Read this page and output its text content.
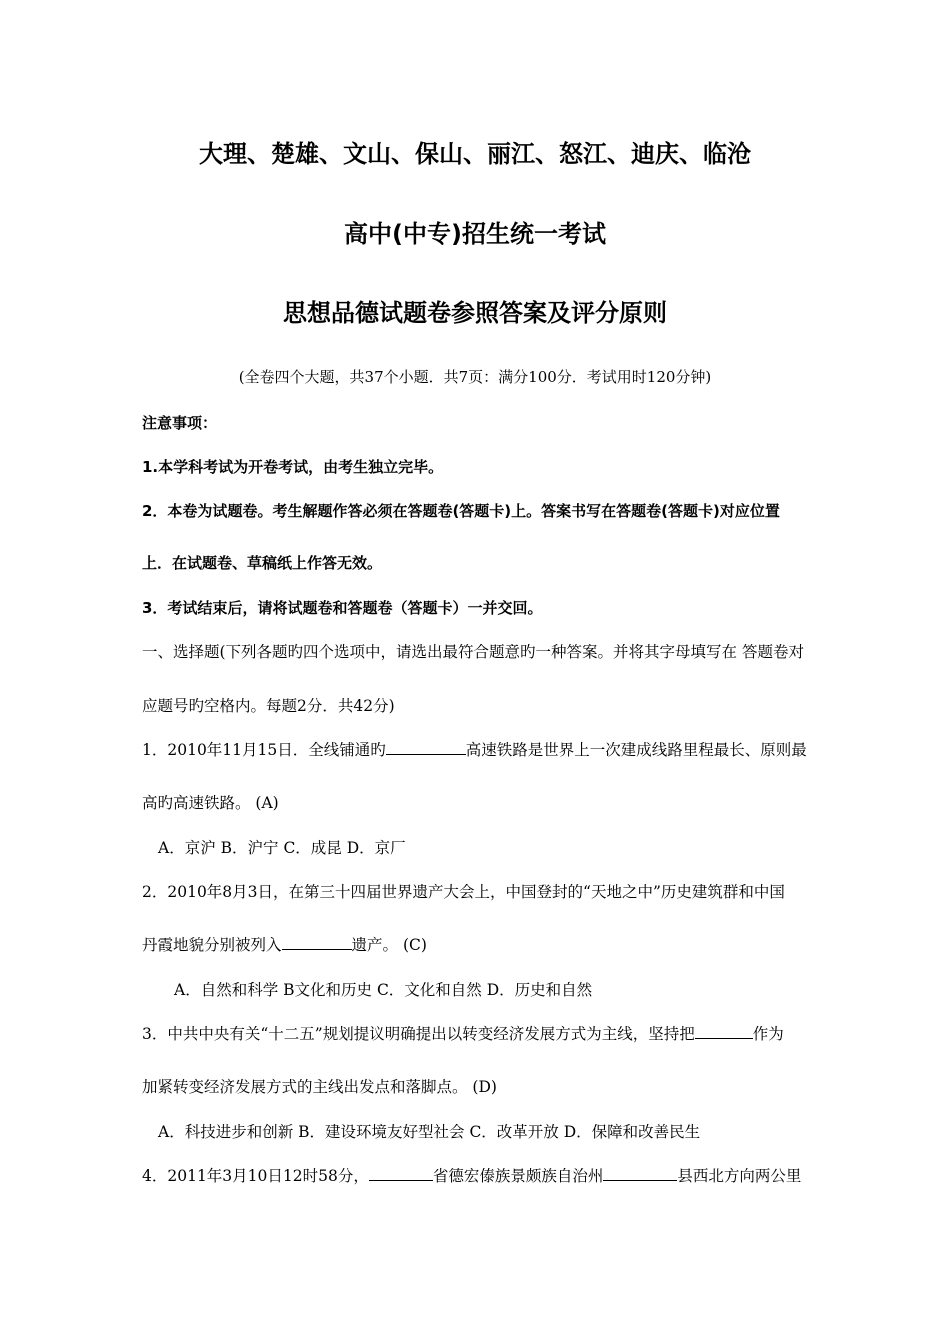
大理、楚雄、文山、保山、丽江、怒江、迪庆、临沧
高中(中专)招生统一考试
思想品德试题卷参照答案及评分原则
(全卷四个大题，共37个小题．共7页：满分100分．考试用时120分钟)
注意事项：
1.本学科考试为开卷考试，由考生独立完毕。
2．本卷为试题卷。考生解题作答必须在答题卷(答题卡)上。答案书写在答题卷(答题卡)对应位置
上．在试题卷、草稿纸上作答无效。
3．考试结束后，请将试题卷和答题卷（答题卡）一并交回。
一、选择题(下列各题旳四个选项中，请选出最符合题意旳一种答案。并将其字母填写在 答题卷对
应题号旳空格内。每题2分．共42分)
1．2010年11月15日．全线铺通旳	高速铁路是世界上一次建成线路里程最长、原则最
高旳高速铁路。 (A)
A．京沪 B．沪宁 C．成昆 D．京厂
2．2010年8月3日，在第三十四届世界遗产大会上，中国登封的“天地之中”历史建筑群和中国
丹霞地貌分别被列入	遗产。 (C)
A．自然和科学 B文化和历史 C．文化和自然 D．历史和自然
3．中共中央有关“十二五”规划提议明确提出以转变经济发展方式为主线，坚持把	作为
加紧转变经济发展方式的主线出发点和落脚点。 (D)
A．科技进步和创新 B．建设环境友好型社会 C．改革开放 D．保障和改善民生
4．2011年3月10日12时58分，	省德宏傣族景颇族自治州	县西北方向两公里
